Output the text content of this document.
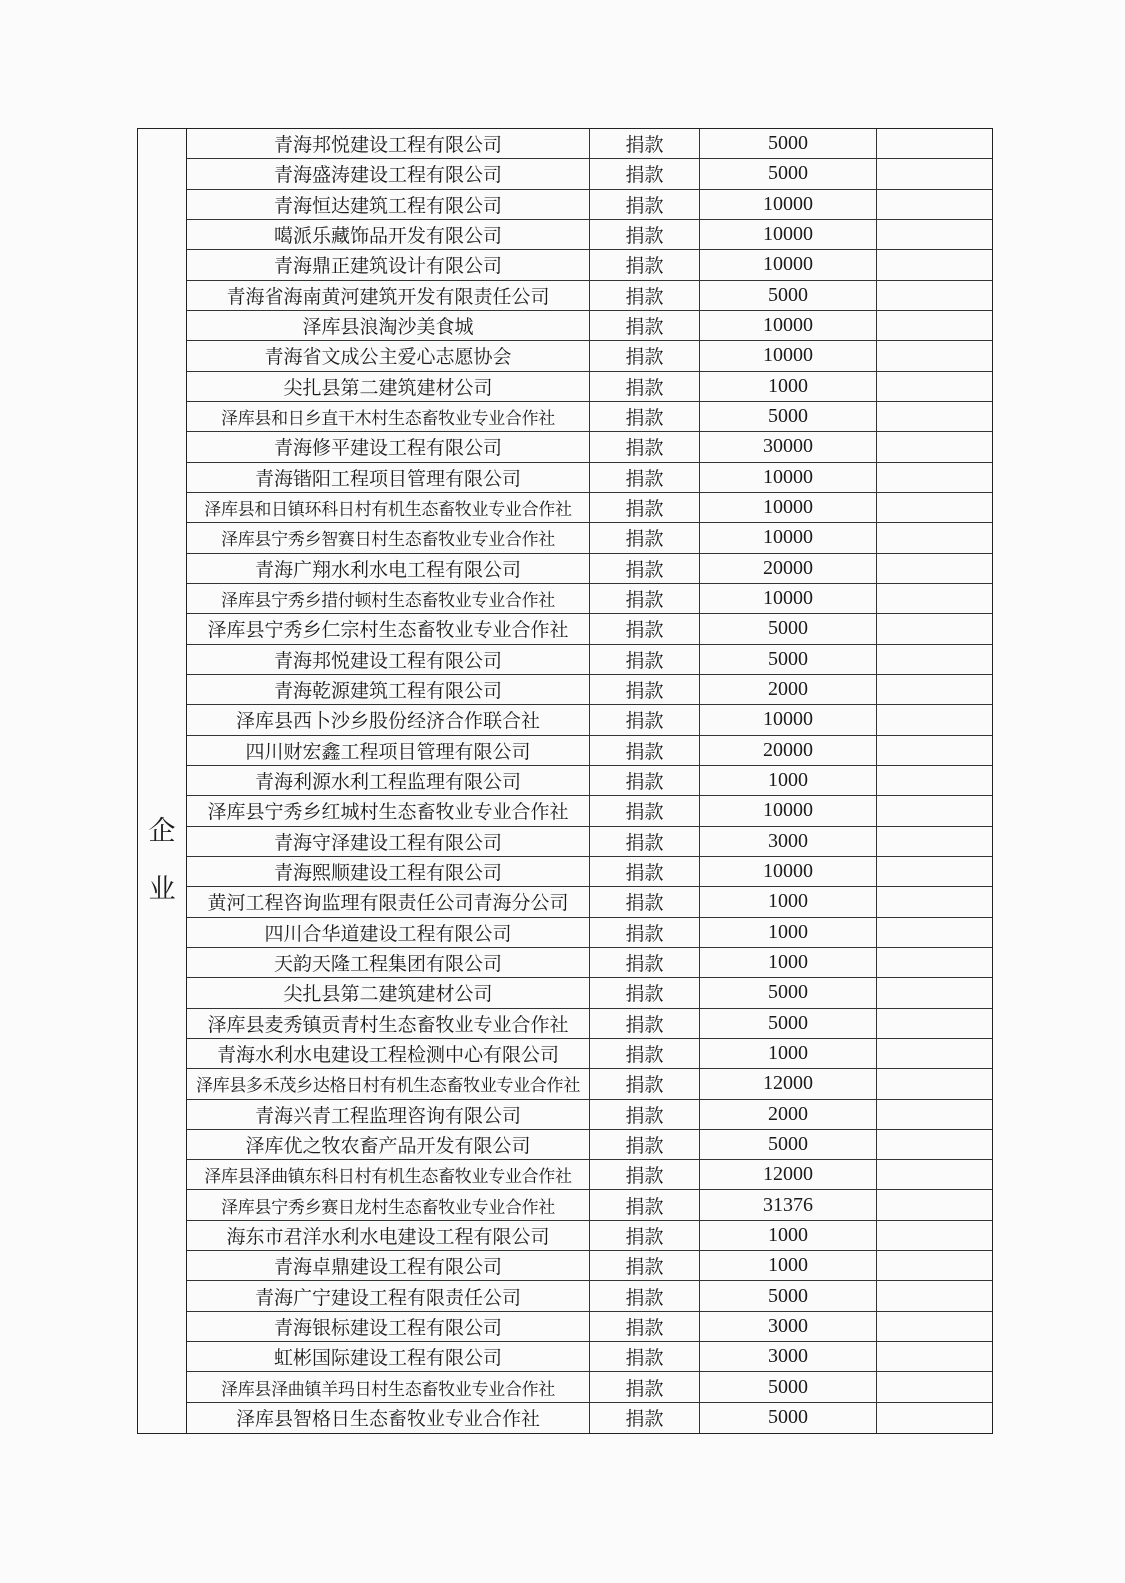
企
业
青海邦悦建设工程有限公司	捐款	5000
青海盛涛建设工程有限公司	捐款	5000
青海恒达建筑工程有限公司	捐款	10000
噶派乐藏饰品开发有限公司	捐款	10000
青海鼎正建筑设计有限公司	捐款	10000
青海省海南黄河建筑开发有限责任公司	捐款	5000
泽库县浪淘沙美食城	捐款	10000
青海省文成公主爱心志愿协会	捐款	10000
尖扎县第二建筑建材公司	捐款	1000
泽库县和日乡直干木村生态畜牧业专业合作社	捐款	5000
青海修平建设工程有限公司	捐款	30000
青海锴阳工程项目管理有限公司	捐款	10000
泽库县和日镇环科日村有机生态畜牧业专业合作社	捐款	10000
泽库县宁秀乡智赛日村生态畜牧业专业合作社	捐款	10000
青海广翔水利水电工程有限公司	捐款	20000
泽库县宁秀乡措付顿村生态畜牧业专业合作社	捐款	10000
泽库县宁秀乡仁宗村生态畜牧业专业合作社	捐款	5000
青海邦悦建设工程有限公司	捐款	5000
青海乾源建筑工程有限公司	捐款	2000
泽库县西卜沙乡股份经济合作联合社	捐款	10000
四川财宏鑫工程项目管理有限公司	捐款	20000
青海利源水利工程监理有限公司	捐款	1000
泽库县宁秀乡红城村生态畜牧业专业合作社	捐款	10000
青海守泽建设工程有限公司	捐款	3000
青海熙顺建设工程有限公司	捐款	10000
黄河工程咨询监理有限责任公司青海分公司	捐款	1000
四川合华道建设工程有限公司	捐款	1000
天韵天隆工程集团有限公司	捐款	1000
尖扎县第二建筑建材公司	捐款	5000
泽库县麦秀镇贡青村生态畜牧业专业合作社	捐款	5000
青海水利水电建设工程检测中心有限公司	捐款	1000
泽库县多禾茂乡达格日村有机生态畜牧业专业合作社	捐款	12000
青海兴青工程监理咨询有限公司	捐款	2000
泽库优之牧农畜产品开发有限公司	捐款	5000
泽库县泽曲镇东科日村有机生态畜牧业专业合作社	捐款	12000
泽库县宁秀乡赛日龙村生态畜牧业专业合作社	捐款	31376
海东市君洋水利水电建设工程有限公司	捐款	1000
青海卓鼎建设工程有限公司	捐款	1000
青海广宁建设工程有限责任公司	捐款	5000
青海银标建设工程有限公司	捐款	3000
虹彬国际建设工程有限公司	捐款	3000
泽库县泽曲镇羊玛日村生态畜牧业专业合作社	捐款	5000
泽库县智格日生态畜牧业专业合作社	捐款	5000
